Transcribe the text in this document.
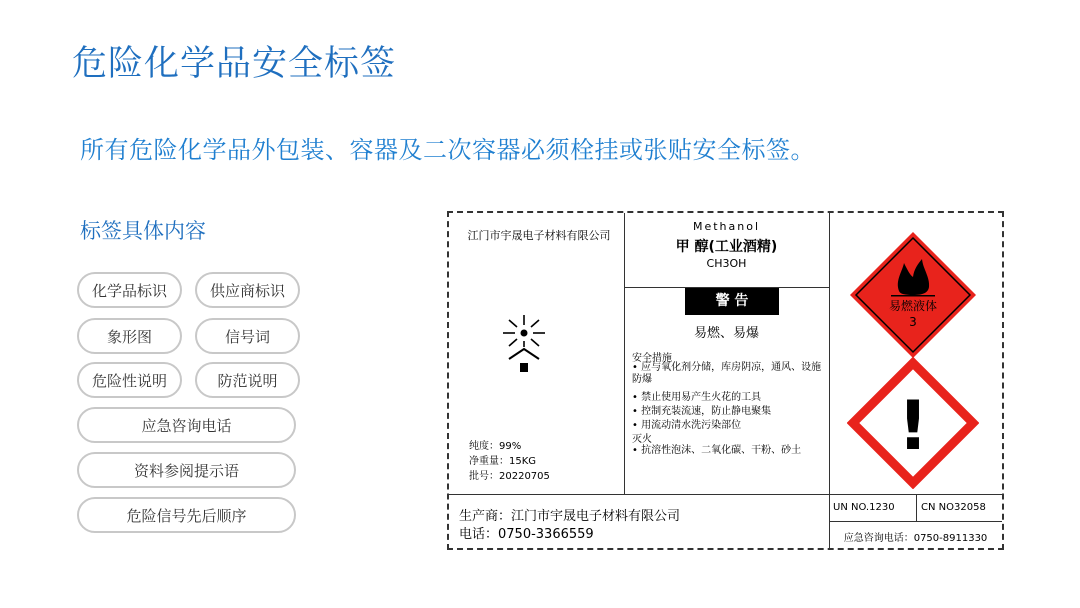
危险化学品安全标签
所有危险化学品外包装、容器及二次容器必须栓挂或张贴安全标签。
标签具体内容
化学品标识	供应商标识
象形图	信号词
危险性说明	防范说明
应急咨询电话
资料参阅提示语
危险信号先后顺序
江门市宇晟电子材料有限公司
纯度：99%
净重量：15KG
批号：20220705
Methanol
甲 醇(工业酒精)
CH3OH
警 告
易燃、易爆
安全措施
• 应与氧化剂分储，库房阴凉，通风、设施防爆
• 禁止使用易产生火花的工具
• 控制充装流速，防止静电聚集
• 用流动清水洗污染部位
灭火
• 抗溶性泡沫、二氧化碳、干粉、砂土
易燃液体
3
!
生产商：江门市宇晟电子材料有限公司
电话：0750-3366559
UN NO.1230	CN NO32058
应急咨询电话：0750-8911330
